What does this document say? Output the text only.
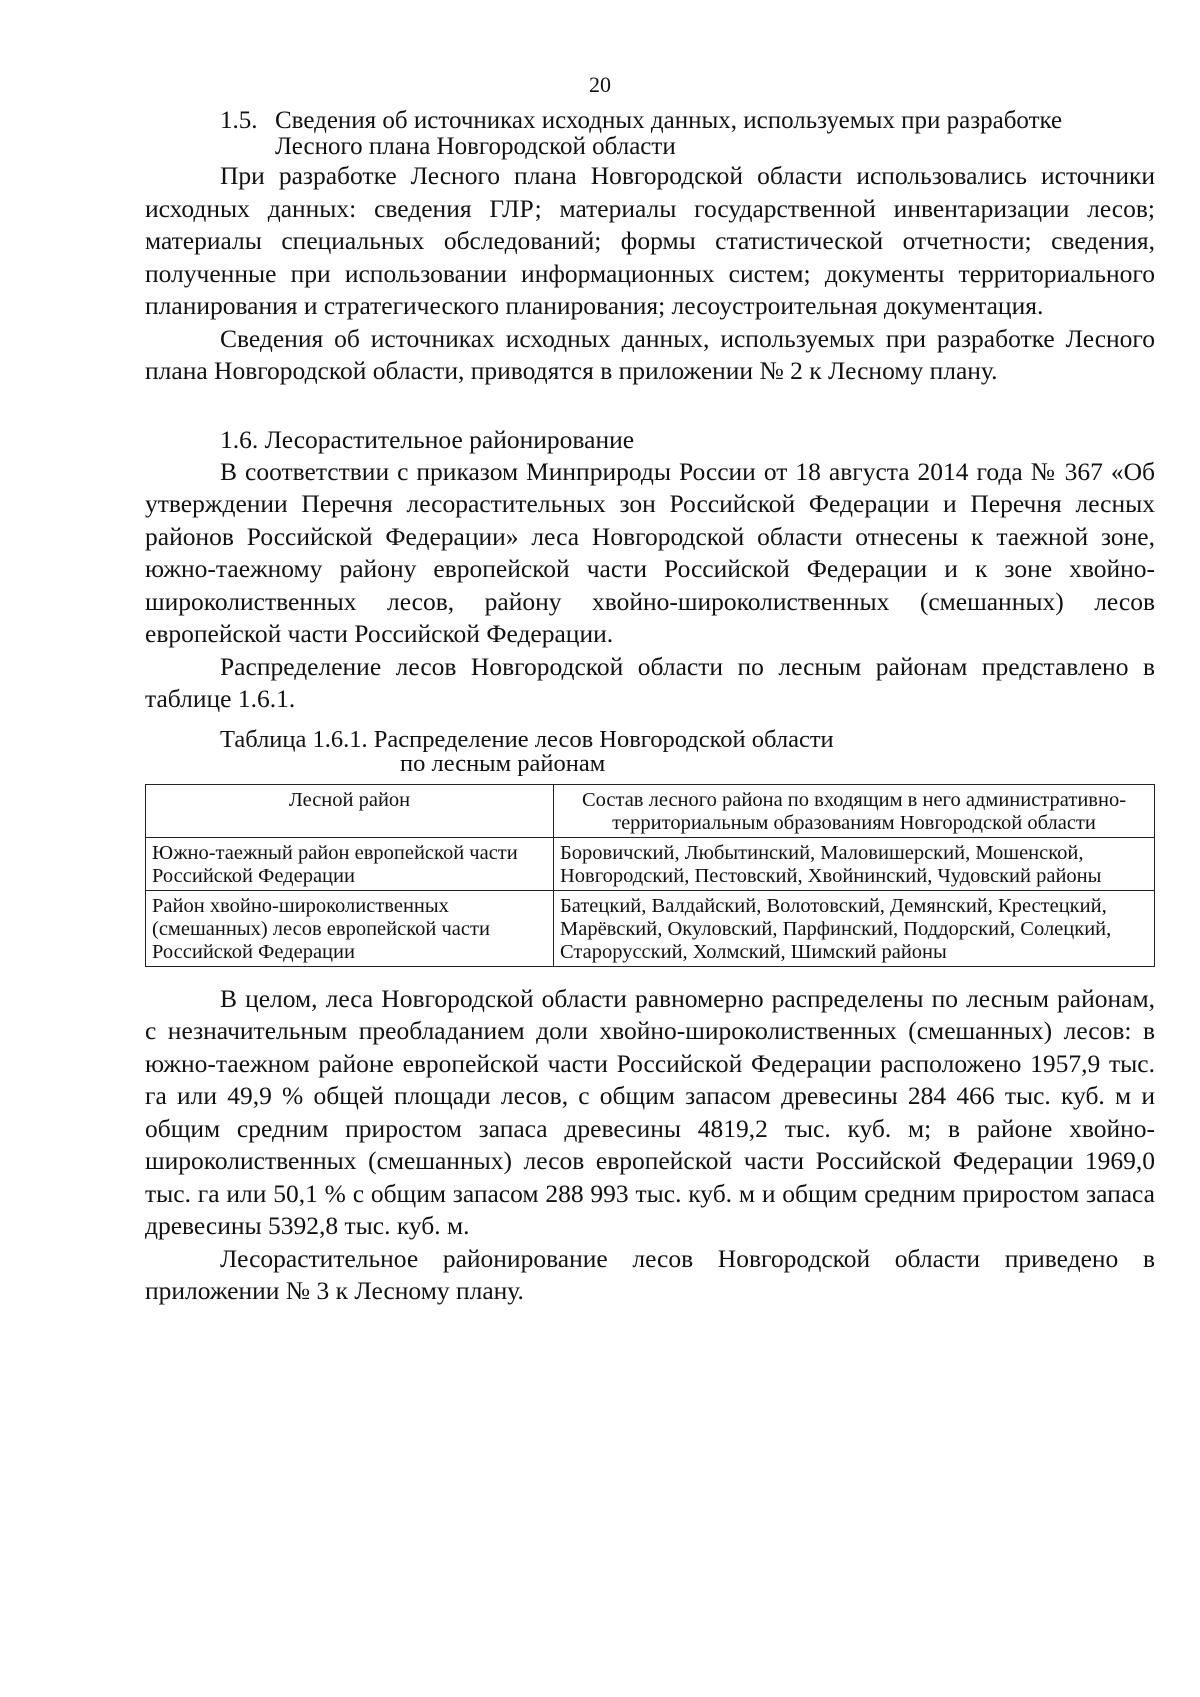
20
1.5. Сведения об источниках исходных данных, используемых при разработке Лесного плана Новгородской области

При разработке Лесного плана Новгородской области использовались источники исходных данных: сведения ГЛР; материалы государственной инвентаризации лесов; материалы специальных обследований; формы статистической отчетности; сведения, полученные при использовании информационных систем; документы территориального планирования и стратегического планирования; лесоустроительная документация.

Сведения об источниках исходных данных, используемых при разработке Лесного плана Новгородской области, приводятся в приложении № 2 к Лесному плану.

1.6. Лесорастительное районирование

В соответствии с приказом Минприроды России от 18 августа 2014 года № 367 «Об утверждении Перечня лесорастительных зон Российской Федерации и Перечня лесных районов Российской Федерации» леса Новгородской области отнесены к таежной зоне, южно-таежному району европейской части Российской Федерации и к зоне хвойно-широколиственных лесов, району хвойно-широколиственных (смешанных) лесов европейской части Российской Федерации.

Распределение лесов Новгородской области по лесным районам представлено в таблице 1.6.1.

Таблица 1.6.1. Распределение лесов Новгородской области
по лесным районам
Лесной район	Состав лесного района по входящим в него административно-территориальным образованиям Новгородской области
Южно-таежный район европейской части Российской Федерации	Боровичский, Любытинский, Маловишерский, Мошенской, Новгородский, Пестовский, Хвойнинский, Чудовский районы
Район хвойно-широколиственных (смешанных) лесов европейской части Российской Федерации	Батецкий, Валдайский, Волотовский, Демянский, Крестецкий, Марёвский, Окуловский, Парфинский, Поддорский, Солецкий, Старорусский, Холмский, Шимский районы

В целом, леса Новгородской области равномерно распределены по лесным районам, с незначительным преобладанием доли хвойно-широколиственных (смешанных) лесов: в южно-таежном районе европейской части Российской Федерации расположено 1957,9 тыс. га или 49,9 % общей площади лесов, с общим запасом древесины 284 466 тыс. куб. м и общим средним приростом запаса древесины 4819,2 тыс. куб. м; в районе хвойно-широколиственных (смешанных) лесов европейской части Российской Федерации 1969,0 тыс. га или 50,1 % с общим запасом 288 993 тыс. куб. м и общим средним приростом запаса древесины 5392,8 тыс. куб. м.

Лесорастительное районирование лесов Новгородской области приведено в приложении № 3 к Лесному плану.
